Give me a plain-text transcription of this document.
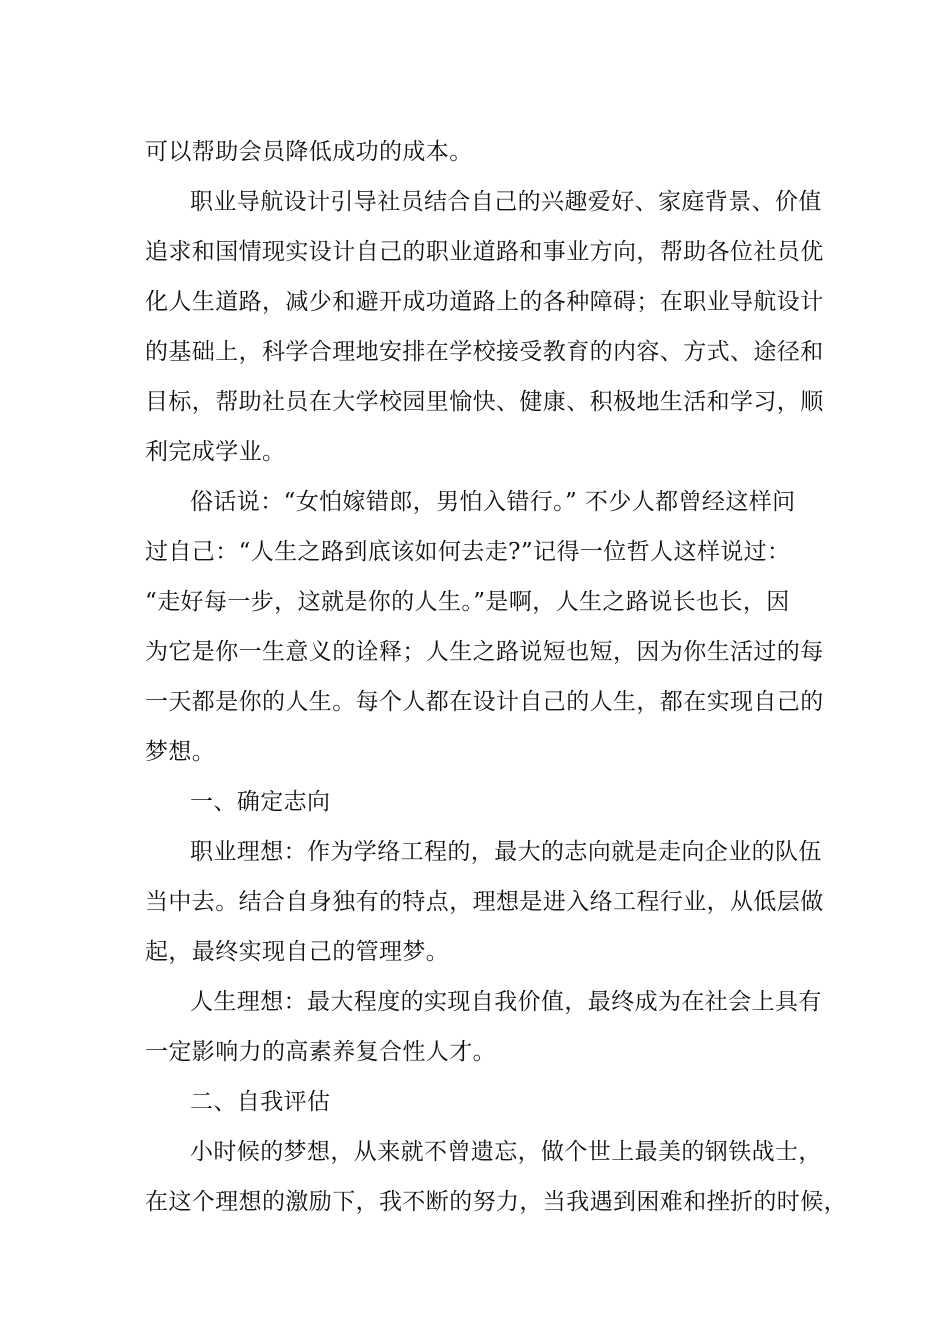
可以帮助会员降低成功的成本。
职业导航设计引导社员结合自己的兴趣爱好、家庭背景、价值
追求和国情现实设计自己的职业道路和事业方向，帮助各位社员优
化人生道路，减少和避开成功道路上的各种障碍；在职业导航设计
的基础上，科学合理地安排在学校接受教育的内容、方式、途径和
目标，帮助社员在大学校园里愉快、健康、积极地生活和学习，顺
利完成学业。
俗话说：“女怕嫁错郎，男怕入错行。” 不少人都曾经这样问
过自己：“人生之路到底该如何去走?”记得一位哲人这样说过：
“走好每一步，这就是你的人生。”是啊，人生之路说长也长，因
为它是你一生意义的诠释；人生之路说短也短，因为你生活过的每
一天都是你的人生。每个人都在设计自己的人生，都在实现自己的
梦想。
一、确定志向
职业理想：作为学络工程的，最大的志向就是走向企业的队伍
当中去。结合自身独有的特点，理想是进入络工程行业，从低层做
起，最终实现自己的管理梦。
人生理想：最大程度的实现自我价值，最终成为在社会上具有
一定影响力的高素养复合性人才。
二、自我评估
小时候的梦想，从来就不曾遗忘，做个世上最美的钢铁战士，
在这个理想的激励下，我不断的努力，当我遇到困难和挫折的时候，
